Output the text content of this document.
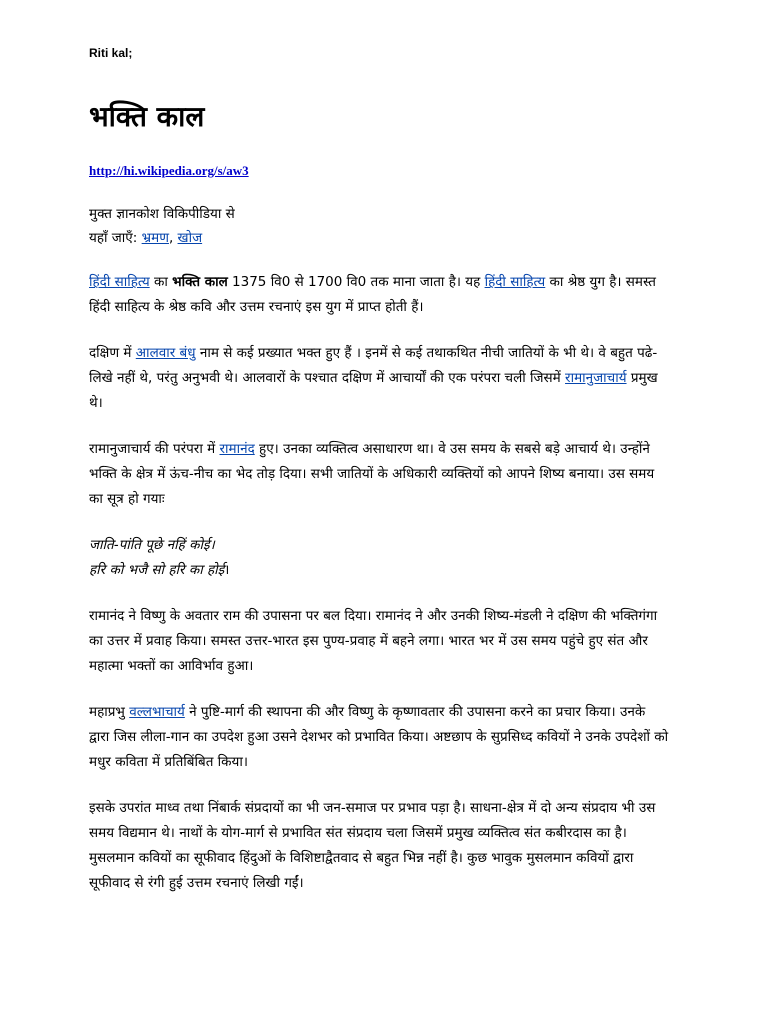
Riti kal;
भक्ति काल
http://hi.wikipedia.org/s/aw3
मुक्त ज्ञानकोश विकिपीडिया से
यहाँ जाएँ: भ्रमण, खोज

हिंदी साहित्य का भक्ति काल 1375 वि0 से 1700 वि0 तक माना जाता है। यह हिंदी साहित्य का श्रेष्ठ युग है। समस्त हिंदी साहित्य के श्रेष्ठ कवि और उत्तम रचनाएं इस युग में प्राप्त होती हैं।

दक्षिण में आलवार बंधु नाम से कई प्रख्यात भक्त हुए हैं । इनमें से कई तथाकथित नीची जातियों के भी थे। वे बहुत पढे-लिखे नहीं थे, परंतु अनुभवी थे। आलवारों के पश्चात दक्षिण में आचार्यों की एक परंपरा चली जिसमें रामानुजाचार्य प्रमुख थे।

रामानुजाचार्य की परंपरा में रामानंद हुए। उनका व्यक्तित्व असाधारण था। वे उस समय के सबसे बड़े आचार्य थे। उन्होंने भक्ति के क्षेत्र में ऊंच-नीच का भेद तोड़ दिया। सभी जातियों के अधिकारी व्यक्तियों को आपने शिष्य बनाया। उस समय का सूत्र हो गयाः

जाति-पांति पूछे नहिं कोई।
हरि को भजै सो हरि का होई।

रामानंद ने विष्णु के अवतार राम की उपासना पर बल दिया। रामानंद ने और उनकी शिष्य-मंडली ने दक्षिण की भक्तिगंगा का उत्तर में प्रवाह किया। समस्त उत्तर-भारत इस पुण्य-प्रवाह में बहने लगा। भारत भर में उस समय पहुंचे हुए संत और महात्मा भक्तों का आविर्भाव हुआ।

महाप्रभु वल्लभाचार्य ने पुष्टि-मार्ग की स्थापना की और विष्णु के कृष्णावतार की उपासना करने का प्रचार किया। उनके द्वारा जिस लीला-गान का उपदेश हुआ उसने देशभर को प्रभावित किया। अष्टछाप के सुप्रसिध्द कवियों ने उनके उपदेशों को मधुर कविता में प्रतिबिंबित किया।

इसके उपरांत माध्व तथा निंबार्क संप्रदायों का भी जन-समाज पर प्रभाव पड़ा है। साधना-क्षेत्र में दो अन्य संप्रदाय भी उस समय विद्यमान थे। नाथों के योग-मार्ग से प्रभावित संत संप्रदाय चला जिसमें प्रमुख व्यक्तित्व संत कबीरदास का है। मुसलमान कवियों का सूफीवाद हिंदुओं के विशिष्टाद्वैतवाद से बहुत भिन्न नहीं है। कुछ भावुक मुसलमान कवियों द्वारा सूफीवाद से रंगी हुई उत्तम रचनाएं लिखी गईं।
